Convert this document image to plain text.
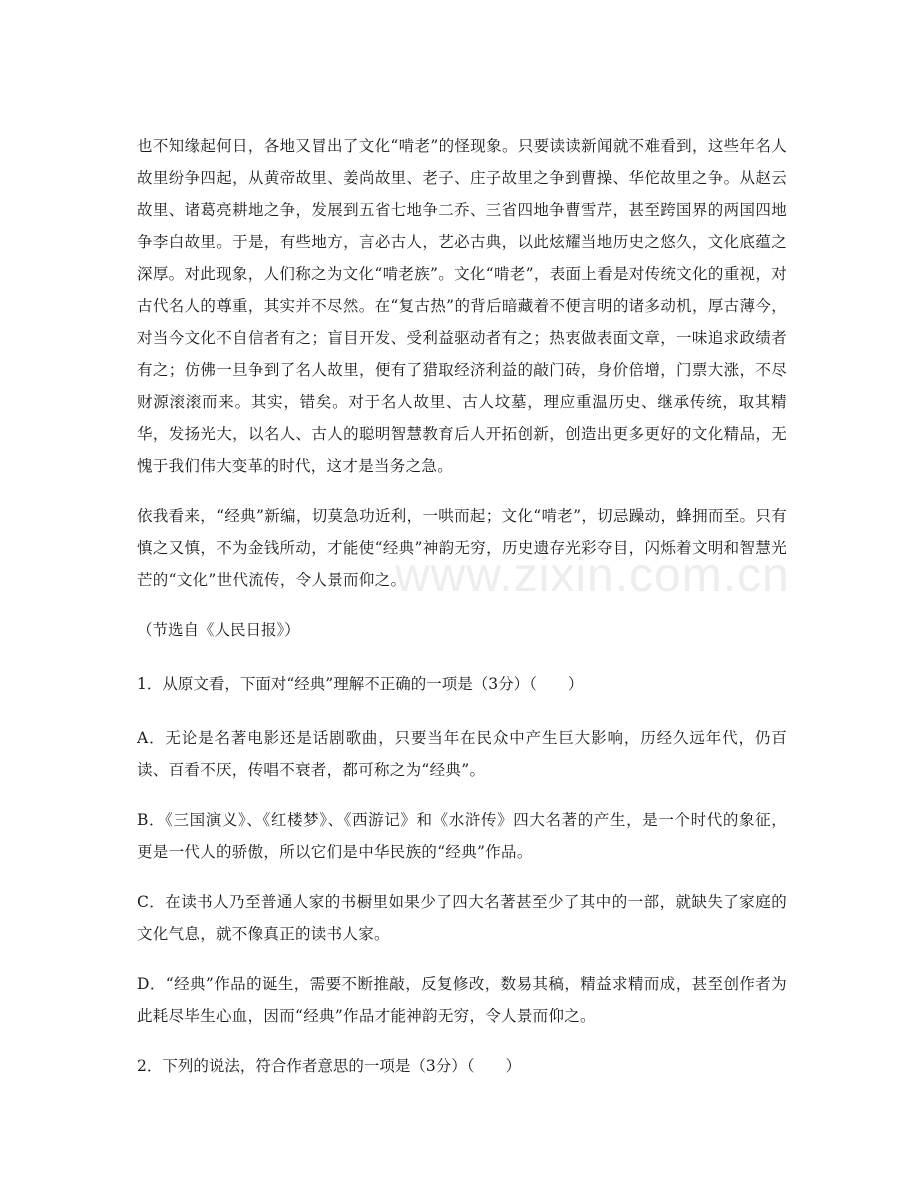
也不知缘起何日，各地又冒出了文化“啃老”的怪现象。只要读读新闻就不难看到，这些年名人故里纷争四起，从黄帝故里、姜尚故里、老子、庄子故里之争到曹操、华佗故里之争。从赵云故里、诸葛亮耕地之争，发展到五省七地争二乔、三省四地争曹雪芹，甚至跨国界的两国四地争李白故里。于是，有些地方，言必古人，艺必古典，以此炫耀当地历史之悠久，文化底蕴之深厚。对此现象，人们称之为文化“啃老族”。文化“啃老”，表面上看是对传统文化的重视，对古代名人的尊重，其实并不尽然。在“复古热”的背后暗藏着不便言明的诸多动机，厚古薄今，对当今文化不自信者有之；盲目开发、受利益驱动者有之；热衷做表面文章，一味追求政绩者有之；仿佛一旦争到了名人故里，便有了猎取经济利益的敲门砖，身价倍增，门票大涨，不尽财源滚滚而来。其实，错矣。对于名人故里、古人坟墓，理应重温历史、继承传统，取其精华，发扬光大，以名人、古人的聪明智慧教育后人开拓创新，创造出更多更好的文化精品，无愧于我们伟大变革的时代，这才是当务之急。

依我看来，“经典”新编，切莫急功近利，一哄而起；文化“啃老”，切忌躁动，蜂拥而至。只有慎之又慎，不为金钱所动，才能使“经典”神韵无穷，历史遗存光彩夺目，闪烁着文明和智慧光芒的“文化”世代流传，令人景而仰之。

（节选自《人民日报》）

1．从原文看，下面对“经典”理解不正确的一项是（3分）（　　）

A．无论是名著电影还是话剧歌曲，只要当年在民众中产生巨大影响，历经久远年代，仍百读、百看不厌，传唱不衰者，都可称之为“经典”。

B．《三国演义》、《红楼梦》、《西游记》和《水浒传》四大名著的产生，是一个时代的象征，更是一代人的骄傲，所以它们是中华民族的“经典”作品。

C．在读书人乃至普通人家的书橱里如果少了四大名著甚至少了其中的一部，就缺失了家庭的文化气息，就不像真正的读书人家。

D．“经典”作品的诞生，需要不断推敲，反复修改，数易其稿，精益求精而成，甚至创作者为此耗尽毕生心血，因而“经典”作品才能神韵无穷，令人景而仰之。

2．下列的说法，符合作者意思的一项是（3分）（　　）

www.zixin.com.cn
